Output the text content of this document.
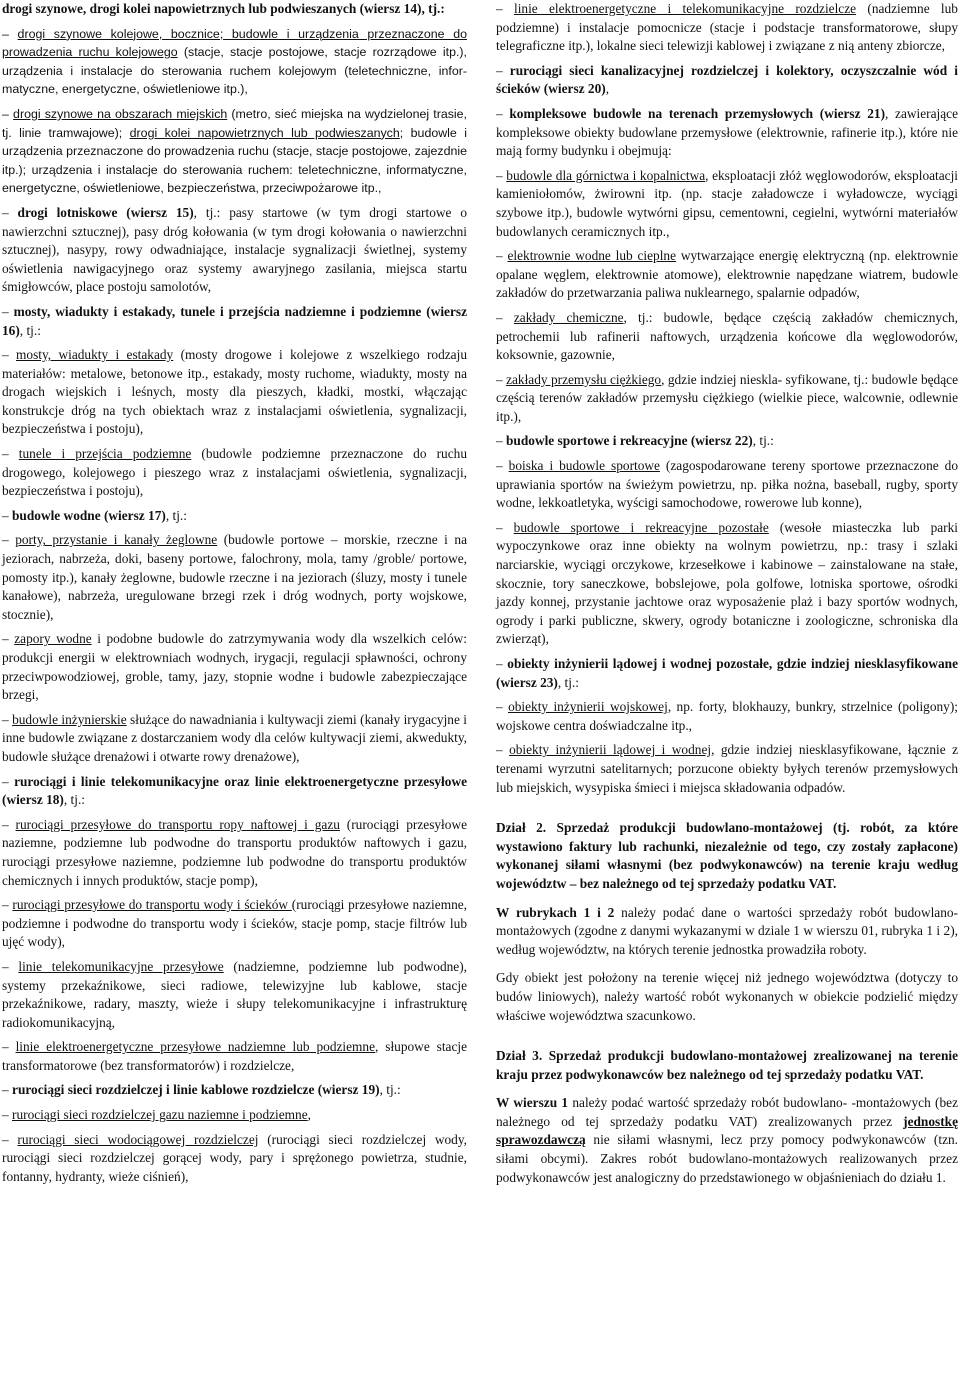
drogi szynowe, drogi kolei napowietrznych lub podwieszanych (wiersz 14), tj.:

– drogi szynowe kolejowe, bocznice; budowle i urządzenia przeznaczone do prowadzenia ruchu kolejowego (stacje, stacje postojowe, stacje rozrządowe itp.), urządzenia i instalacje do sterowania ruchem kolejowym (teletechniczne, infor- matyczne, energetyczne, oświetleniowe itp.),

– drogi szynowe na obszarach miejskich (metro, sieć miejska na wydzielonej trasie, tj. linie tramwajowe); drogi kolei napowietrznych lub podwieszanych; budowle i urządzenia przeznaczone do prowadzenia ruchu (stacje, stacje postojowe, zajezdnie itp.); urządzenia i instalacje do sterowania ruchem: teletechniczne, informatyczne, energetyczne, oświetleniowe, bezpieczeństwa, przeciwpożarowe itp.,

– drogi lotniskowe (wiersz 15), tj.: pasy startowe (w tym drogi startowe o nawierzchni sztucznej), pasy dróg kołowania (w tym drogi kołowania o nawierzchni sztucznej), nasypy, rowy odwadniające, instalacje sygnalizacji świetlnej, systemy oświetlenia nawigacyjnego oraz systemy awaryjnego zasilania, miejsca startu śmigłowców, place postoju samolotów,

– mosty, wiadukty i estakady, tunele i przejścia nadziemne i podziemne (wiersz 16), tj.:

– mosty, wiadukty i estakady (mosty drogowe i kolejowe z wszelkiego rodzaju materiałów: metalowe, betonowe itp., estakady, mosty ruchome, wiadukty, mosty na drogach wiejskich i leśnych, mosty dla pieszych, kładki, mostki, włączając konstrukcje dróg na tych obiektach wraz z instalacjami oświetlenia, sygnalizacji, bezpieczeństwa i postoju),

– tunele i przejścia podziemne (budowle podziemne przeznaczone do ruchu drogowego, kolejowego i pieszego wraz z instalacjami oświetlenia, sygnalizacji, bezpieczeństwa i postoju),

– budowle wodne (wiersz 17), tj.:

– porty, przystanie i kanały żeglowne (budowle portowe – morskie, rzeczne i na jeziorach, nabrzeża, doki, baseny portowe, falochrony, mola, tamy /groble/ portowe, pomosty itp.), kanały żeglowne, budowle rzeczne i na jeziorach (śluzy, mosty i tunele kanałowe), nabrzeża, uregulowane brzegi rzek i dróg wodnych, porty wojskowe, stocznie),

– zapory wodne i podobne budowle do zatrzymywania wody dla wszelkich celów: produkcji energii w elektrowniach wodnych, irygacji, regulacji spławności, ochrony przeciwpowodziowej, groble, tamy, jazy, stopnie wodne i budowle zabezpieczające brzegi,

– budowle inżynierskie służące do nawadniania i kultywacji ziemi (kanały irygacyjne i inne budowle związane z dostarczaniem wody dla celów kultywacji ziemi, akwedukty, budowle służące drenażowi i otwarte rowy drenażowe),

– rurociągi i linie telekomunikacyjne oraz linie elektroenergetyczne przesyłowe (wiersz 18), tj.:

– rurociągi przesyłowe do transportu ropy naftowej i gazu (rurociągi przesyłowe naziemne, podziemne lub podwodne do transportu produktów naftowych i gazu, rurociągi przesyłowe naziemne, podziemne lub podwodne do transportu produktów chemicznych i innych produktów, stacje pomp),

– rurociągi przesyłowe do transportu wody i ścieków (rurociągi przesyłowe naziemne, podziemne i podwodne do transportu wody i ścieków, stacje pomp, stacje filtrów lub ujęć wody),

– linie telekomunikacyjne przesyłowe (nadziemne, podziemne lub podwodne), systemy przekaźnikowe, sieci radiowe, telewizyjne lub kablowe, stacje przekaźnikowe, radary, maszty, wieże i słupy telekomunikacyjne i infrastrukturę radiokomunikacyjną,

– linie elektroenergetyczne przesyłowe nadziemne lub podziemne, słupowe stacje transformatorowe (bez transformatorów) i rozdzielcze,

– rurociągi sieci rozdzielczej i linie kablowe rozdzielcze (wiersz 19), tj.:

– rurociągi sieci rozdzielczej gazu naziemne i podziemne,

– rurociągi sieci wodociągowej rozdzielczej (rurociągi sieci rozdzielczej wody, rurociągi sieci rozdzielczej gorącej wody, pary i sprężonego powietrza, studnie, fontanny, hydranty, wieże ciśnień),

– linie elektroenergetyczne i telekomunikacyjne rozdzielcze (nadziemne lub podziemne) i instalacje pomocnicze (stacje i podstacje transformatorowe, słupy telegraficzne itp.), lokalne sieci telewizji kablowej i związane z nią anteny zbiorcze,

– rurociągi sieci kanalizacyjnej rozdzielczej i kolektory, oczyszczalnie wód i ścieków (wiersz 20),

– kompleksowe budowle na terenach przemysłowych (wiersz 21), zawierające kompleksowe obiekty budowlane przemysłowe (elektrownie, rafinerie itp.), które nie mają formy budynku i obejmują:

– budowle dla górnictwa i kopalnictwa, eksploatacji złóż węglowodorów, eksploatacji kamieniołomów, żwirowni itp. (np. stacje załadowcze i wyładowcze, wyciągi szybowe itp.), budowle wytwórni gipsu, cementowni, cegielni, wytwórni materiałów budowlanych ceramicznych itp.,

– elektrownie wodne lub cieplne wytwarzające energię elektryczną (np. elektrownie opalane węglem, elektrownie atomowe), elektrownie napędzane wiatrem, budowle zakładów do przetwarzania paliwa nuklearnego, spalarnie odpadów,

– zakłady chemiczne, tj.: budowle, będące częścią zakładów chemicznych, petrochemii lub rafinerii naftowych, urządzenia końcowe dla węglowodorów, koksownie, gazownie,

– zakłady przemysłu ciężkiego, gdzie indziej nieskla- syfikowane, tj.: budowle będące częścią terenów zakładów przemysłu ciężkiego (wielkie piece, walcownie, odlewnie itp.),

– budowle sportowe i rekreacyjne (wiersz 22), tj.:

– boiska i budowle sportowe (zagospodarowane tereny sportowe przeznaczone do uprawiania sportów na świeżym powietrzu, np. piłka nożna, baseball, rugby, sporty wodne, lekkoatletyka, wyścigi samochodowe, rowerowe lub konne),

– budowle sportowe i rekreacyjne pozostałe (wesołe miasteczka lub parki wypoczynkowe oraz inne obiekty na wolnym powietrzu, np.: trasy i szlaki narciarskie, wyciągi orczykowe, krzesełkowe i kabinowe – zainstalowane na stałe, skocznie, tory saneczkowe, bobslejowe, pola golfowe, lotniska sportowe, ośrodki jazdy konnej, przystanie jachtowe oraz wyposażenie plaż i bazy sportów wodnych, ogrody i parki publiczne, skwery, ogrody botaniczne i zoologiczne, schroniska dla zwierząt),

– obiekty inżynierii lądowej i wodnej pozostałe, gdzie indziej niesklasyfikowane (wiersz 23), tj.:

– obiekty inżynierii wojskowej, np. forty, blokhauzy, bunkry, strzelnice (poligony); wojskowe centra doświadczalne itp.,

– obiekty inżynierii lądowej i wodnej, gdzie indziej niesklasyfikowane, łącznie z terenami wyrzutni satelitarnych; porzucone obiekty byłych terenów przemysłowych lub miejskich, wysypiska śmieci i miejsca składowania odpadów.

Dział 2. Sprzedaż produkcji budowlano-montażowej (tj. robót, za które wystawiono faktury lub rachunki, niezależnie od tego, czy zostały zapłacone) wykonanej siłami własnymi (bez podwykonawców) na terenie kraju według województw – bez należnego od tej sprzedaży podatku VAT.

W rubrykach 1 i 2 należy podać dane o wartości sprzedaży robót budowlano-montażowych (zgodne z danymi wykazanymi w dziale 1 w wierszu 01, rubryka 1 i 2), według województw, na których terenie jednostka prowadziła roboty.

Gdy obiekt jest położony na terenie więcej niż jednego województwa (dotyczy to budów liniowych), należy wartość robót wykonanych w obiekcie podzielić między właściwe województwa szacunkowo.

Dział 3. Sprzedaż produkcji budowlano-montażowej zrealizowanej na terenie kraju przez podwykonawców bez należnego od tej sprzedaży podatku VAT.

W wierszu 1 należy podać wartość sprzedaży robót budowlano- -montażowych (bez należnego od tej sprzedaży podatku VAT) zrealizowanych przez jednostkę sprawozdawczą nie siłami własnymi, lecz przy pomocy podwykonawców (tzn. siłami obcymi). Zakres robót budowlano-montażowych realizowanych przez podwykonawców jest analogiczny do przedstawionego w objaśnieniach do działu 1.
